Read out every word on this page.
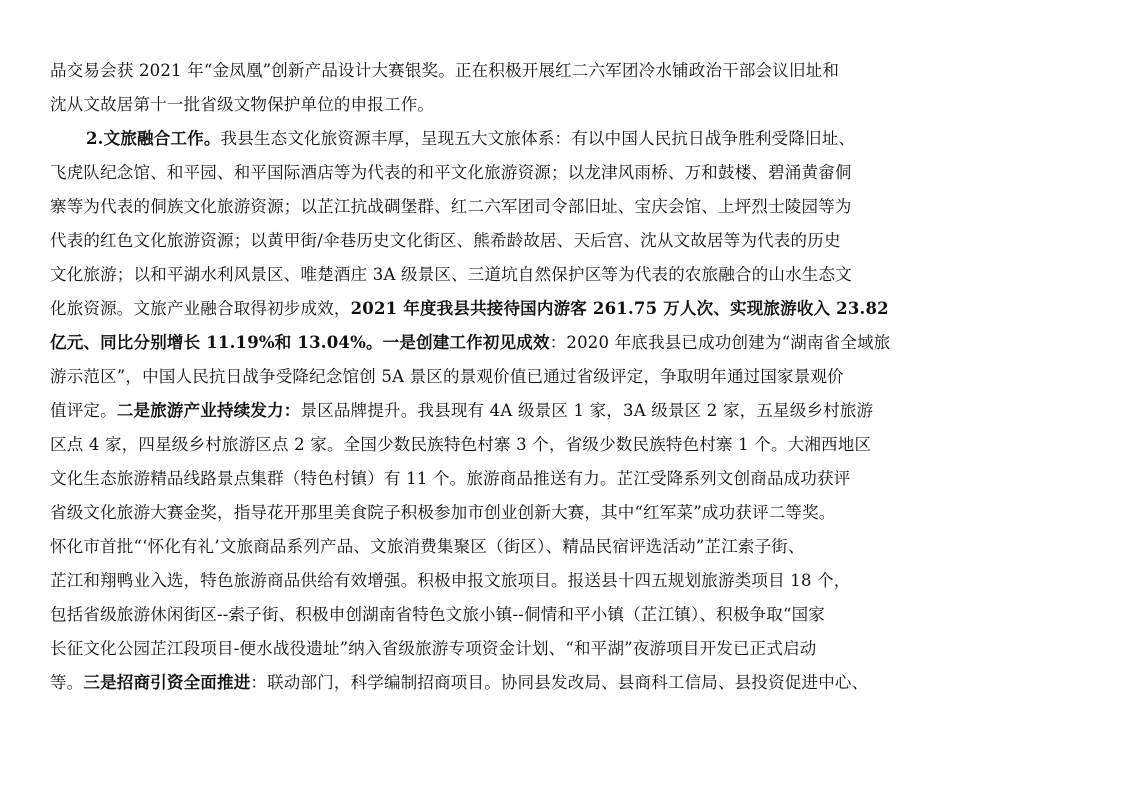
品交易会获 2021 年“金凤凰”创新产品设计大赛银奖。正在积极开展红二六军团冷水铺政治干部会议旧址和
沈从文故居第十一批省级文物保护单位的申报工作。
2.文旅融合工作。我县生态文化旅资源丰厚，呈现五大文旅体系：有以中国人民抗日战争胜利受降旧址、
飞虎队纪念馆、和平园、和平国际酒店等为代表的和平文化旅游资源；以龙津风雨桥、万和鼓楼、碧涌黄畲侗
寨等为代表的侗族文化旅游资源；以芷江抗战碉堡群、红二六军团司令部旧址、宝庆会馆、上坪烈士陵园等为
代表的红色文化旅游资源；以黄甲街/伞巷历史文化街区、熊希龄故居、天后宫、沈从文故居等为代表的历史
文化旅游；以和平湖水利风景区、唯楚酒庄 3A 级景区、三道坑自然保护区等为代表的农旅融合的山水生态文
化旅资源。文旅产业融合取得初步成效，2021 年度我县共接待国内游客 261.75 万人次、实现旅游收入 23.82
亿元、同比分别增长 11.19%和 13.04%。一是创建工作初见成效：2020 年底我县已成功创建为“湖南省全域旅
游示范区”，中国人民抗日战争受降纪念馆创 5A 景区的景观价值已通过省级评定，争取明年通过国家景观价
值评定。二是旅游产业持续发力：景区品牌提升。我县现有 4A 级景区 1 家，3A 级景区 2 家，五星级乡村旅游
区点 4 家，四星级乡村旅游区点 2 家。全国少数民族特色村寨 3 个，省级少数民族特色村寨 1 个。大湘西地区
文化生态旅游精品线路景点集群（特色村镇）有 11 个。旅游商品推送有力。芷江受降系列文创商品成功获评
省级文化旅游大赛金奖，指导花开那里美食院子积极参加市创业创新大赛，其中“红军菜”成功获评二等奖。
怀化市首批“‘怀化有礼’文旅商品系列产品、文旅消费集聚区（街区）、精品民宿评选活动”芷江索子街、
芷江和翔鸭业入选，特色旅游商品供给有效增强。积极申报文旅项目。报送县十四五规划旅游类项目 18 个，
包括省级旅游休闲街区--索子街、积极申创湖南省特色文旅小镇--侗情和平小镇（芷江镇）、积极争取“国家
长征文化公园芷江段项目-便水战役遗址”纳入省级旅游专项资金计划、“和平湖”夜游项目开发已正式启动
等。三是招商引资全面推进：联动部门，科学编制招商项目。协同县发改局、县商科工信局、县投资促进中心、
